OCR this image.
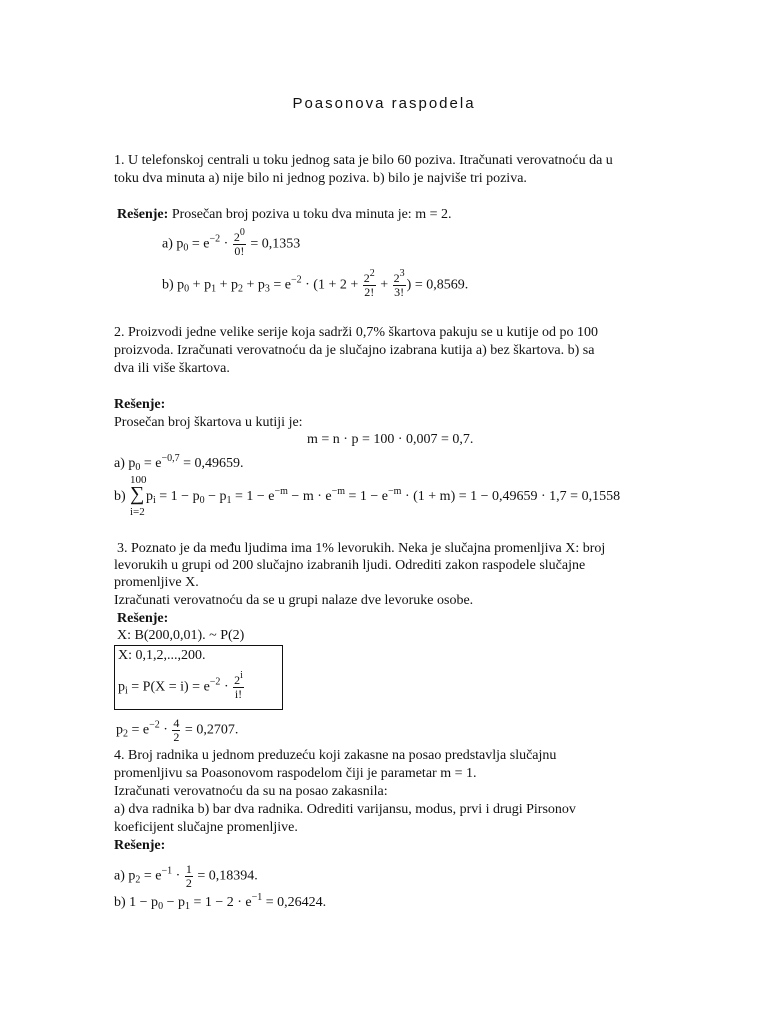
Poasonova raspodela
1. U telefonskoj centrali u toku jednog sata je bilo 60 poziva. Itračunati verovatnoću da u
toku dva minuta a) nije bilo ni jednog poziva. b) bilo je najviše tri poziva.
Rešenje: Prosečan broj poziva u toku dva minuta je: m = 2.
a) $p_0 = e^{-2} \cdot \frac{2^0}{0!} = 0,1353$
b) $p_0 + p_1 + p_2 + p_3 = e^{-2} \cdot (1 + 2 + \frac{2^2}{2!} + \frac{2^3}{3!}$ ) = 0,8569.
2. Proizvodi jedne velike serije koja sadrži 0,7% škartova pakuju se u kutije od po 100
proizvoda. Izračunati verovatnoću da je slučajno izabrana kutija a) bez škartova. b) sa
dva ili više škartova.
Rešenje:
Prosečan broj škartova u kutiji je:
m = n · p = 100 · 0,007 = 0,7.
a) $p_0 = e^{-0,7} = 0,49659$.
b)
100
∑
i=2
$p_i = 1 - p_0 - p_1 = 1 - e^{-m} - m \cdot e^{-m} = 1 - e^{-m} \cdot (1 + m) = 1 - 0,49659 \cdot 1,7 = 0,1558$
3. Poznato je da među ljudima ima 1% levorukih. Neka je slučajna promenljiva X: broj
levorukih u grupi od 200 slučajno izabranih ljudi. Odrediti zakon raspodele slučajne
promenljive X.
Izračunati verovatnoću da se u grupi nalaze dve levoruke osobe.
Rešenje:
X: B(200,0,01). ~ P(2)
X: 0,1,2,...,200.
$p_i = P(X = i) = e^{-2} \cdot \frac{2^i}{i!}$
$p_2 = e^{-2} \cdot \frac{4}{2} = 0,2707$.
4. Broj radnika u jednom preduzeću koji zakasne na posao predstavlja slučajnu
promenljivu sa Poasonovom raspodelom čiji je parametar m = 1.
Izračunati verovatnoću da su na posao zakasnila:
a) dva radnika b) bar dva radnika. Odrediti varijansu, modus, prvi i drugi Pirsonov
koeficijent slučajne promenljive.
Rešenje:
a) $p_2 = e^{-1} \cdot \frac{1}{2} = 0,18394$.
b) $1 - p_0 - p_1 = 1 - 2 \cdot e^{-1} = 0,26424$.
